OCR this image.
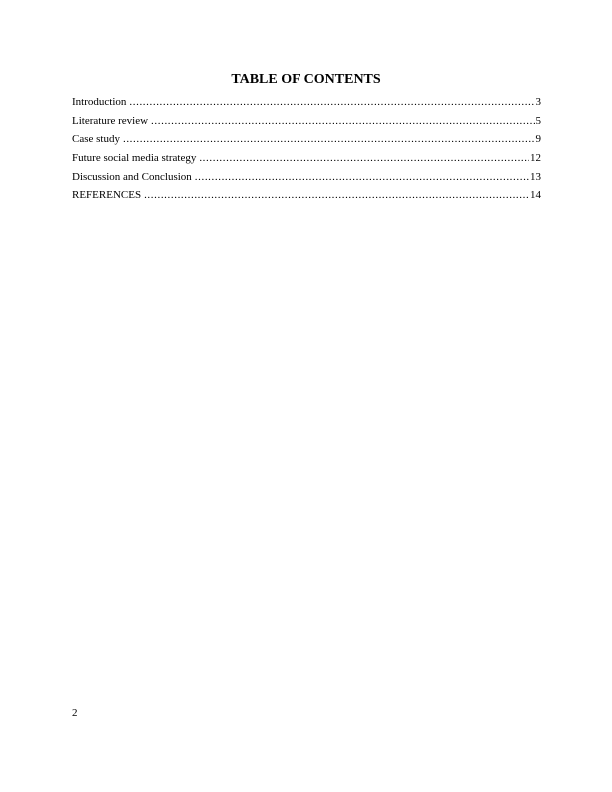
TABLE OF CONTENTS
Introduction .....	3
Literature review .....	5
Case study .....	9
Future social media strategy .....	12
Discussion and Conclusion .....	13
REFERENCES .....	14

2
